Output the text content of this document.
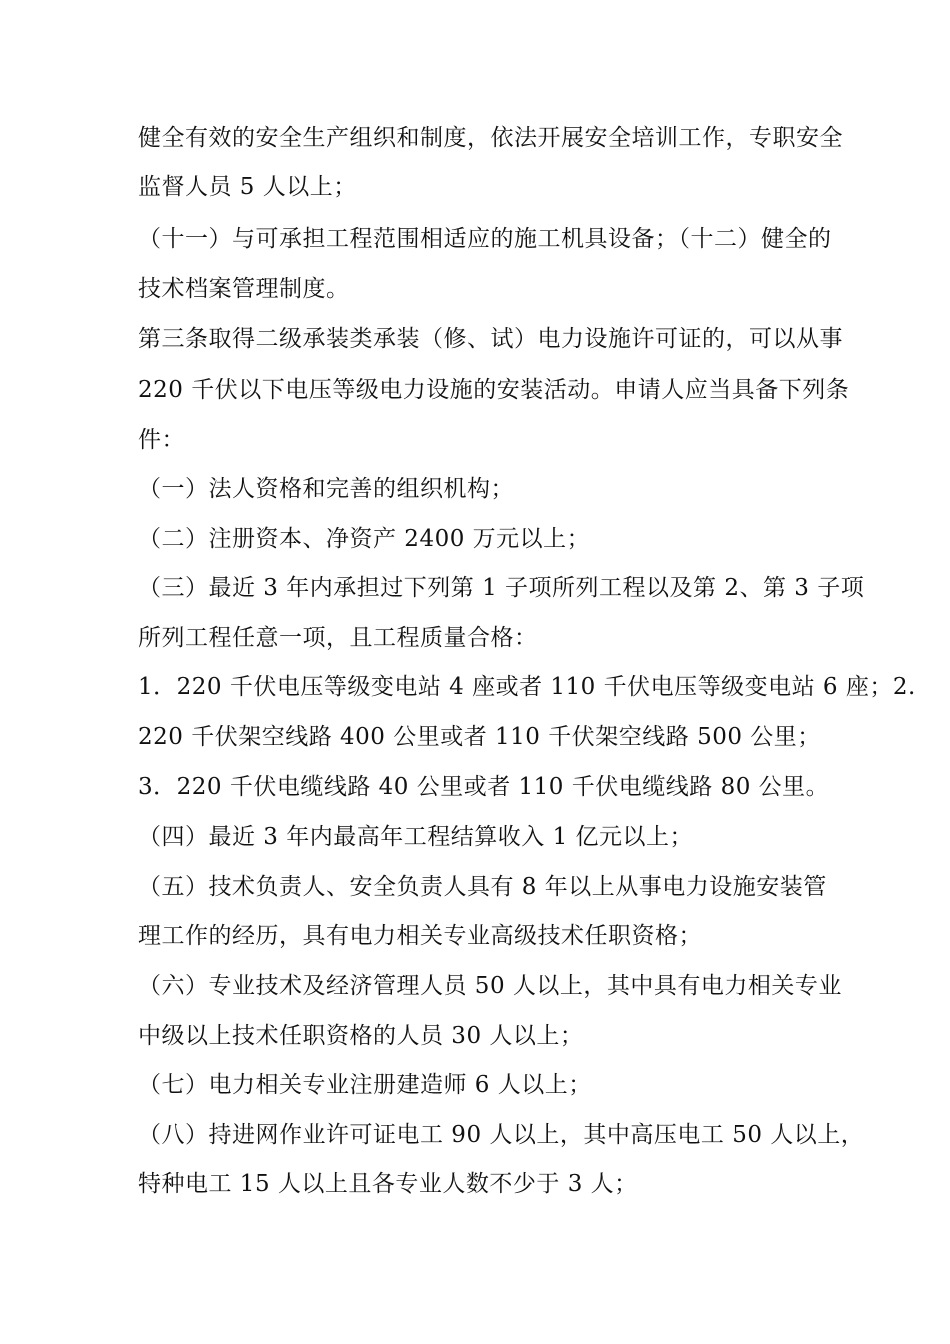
健全有效的安全生产组织和制度，依法开展安全培训工作，专职安全
监督人员 5 人以上；
（十一）与可承担工程范围相适应的施工机具设备；（十二）健全的
技术档案管理制度。
第三条取得二级承装类承装（修、试）电力设施许可证的，可以从事
220 千伏以下电压等级电力设施的安装活动。申请人应当具备下列条
件：
（一）法人资格和完善的组织机构；
（二）注册资本、净资产 2400 万元以上；
（三）最近 3 年内承担过下列第 1 子项所列工程以及第 2、第 3 子项
所列工程任意一项，且工程质量合格：
1．220 千伏电压等级变电站 4 座或者 110 千伏电压等级变电站 6 座；2.
220 千伏架空线路 400 公里或者 110 千伏架空线路 500 公里；
3．220 千伏电缆线路 40 公里或者 110 千伏电缆线路 80 公里。
（四）最近 3 年内最高年工程结算收入 1 亿元以上；
（五）技术负责人、安全负责人具有 8 年以上从事电力设施安装管
理工作的经历，具有电力相关专业高级技术任职资格；
（六）专业技术及经济管理人员 50 人以上，其中具有电力相关专业
中级以上技术任职资格的人员 30 人以上；
（七）电力相关专业注册建造师 6 人以上；
（八）持进网作业许可证电工 90 人以上，其中高压电工 50 人以上，
特种电工 15 人以上且各专业人数不少于 3 人；
